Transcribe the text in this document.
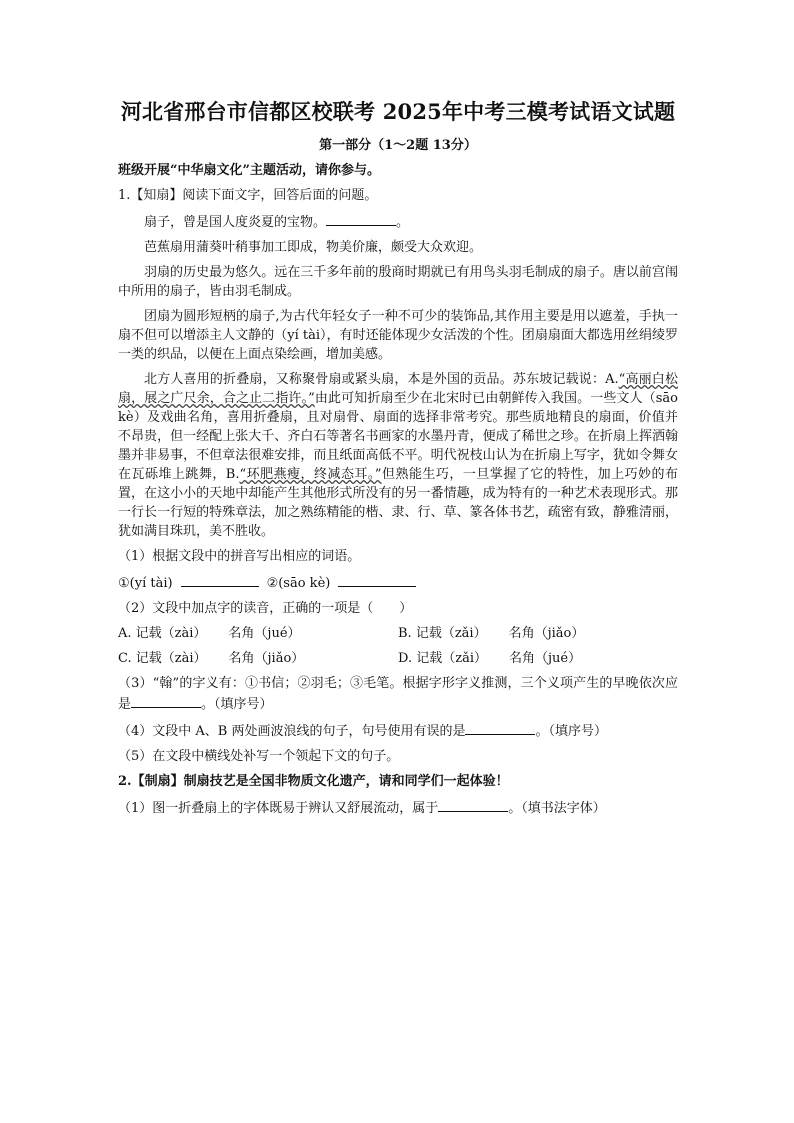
河北省邢台市信都区校联考 2025年中考三模考试语文试题
第一部分（1～2题 13分）
班级开展“中华扇文化”主题活动，请你参与。

1.【知扇】阅读下面文字，回答后面的问题。

扇子，曾是国人度炎夏的宝物。	。

芭蕉扇用蒲葵叶稍事加工即成，物美价廉，颇受大众欢迎。

羽扇的历史最为悠久。远在三千多年前的殷商时期就已有用鸟头羽毛制成的扇子。唐以前宫闱中所用的扇子，皆由羽毛制成。

团扇为圆形短柄的扇子,为古代年轻女子一种不可少的装饰品,其作用主要是用以遮羞，手执一扇不但可以增添主人文静的（yí tài），有时还能体现少女活泼的个性。团扇扇面大都选用丝绢绫罗一类的织品，以便在上面点染绘画，增加美感。

北方人喜用的折叠扇，又称聚骨扇或紧头扇，本是外国的贡品。苏东坡记载说：A.“高丽白松扇，展之广尺余，合之止二指许。”由此可知折扇至少在北宋时已由朝鲜传入我国。一些文人（sāo kè）及戏曲名角，喜用折叠扇，且对扇骨、扇面的选择非常考究。那些质地精良的扇面，价值并不昂贵，但一经配上张大千、齐白石等著名书画家的水墨丹青，便成了稀世之珍。在折扇上挥洒翰墨并非易事，不但章法很难安排，而且纸面高低不平。明代祝枝山认为在折扇上写字，犹如令舞女在瓦砾堆上跳舞，B.“环肥燕瘦，终减态耳。”但熟能生巧，一旦掌握了它的特性，加上巧妙的布置，在这小小的天地中却能产生其他形式所没有的另一番情趣，成为特有的一种艺术表现形式。那一行长一行短的特殊章法，加之熟练精能的楷、隶、行、草、篆各体书艺，疏密有致，静雅清丽，犹如满目珠玑，美不胜收。

（1）根据文段中的拼音写出相应的词语。

①(yí tài)	②(sāo kè)

（2）文段中加点字的读音，正确的一项是（　　）

A. 记载（zài） 名角（jué）	B. 记载（zǎi） 名角（jiǎo）
C. 记载（zài） 名角（jiǎo）	D. 记载（zǎi） 名角（jué）

（3）“翰”的字义有：①书信；②羽毛；③毛笔。根据字形字义推测，三个义项产生的早晚依次应是	。（填序号）

（4）文段中 A、B 两处画波浪线的句子，句号使用有误的是	。（填序号）

（5）在文段中横线处补写一个领起下文的句子。

2.【制扇】制扇技艺是全国非物质文化遗产，请和同学们一起体验！

（1）图一折叠扇上的字体既易于辨认又舒展流动，属于	。（填书法字体）
